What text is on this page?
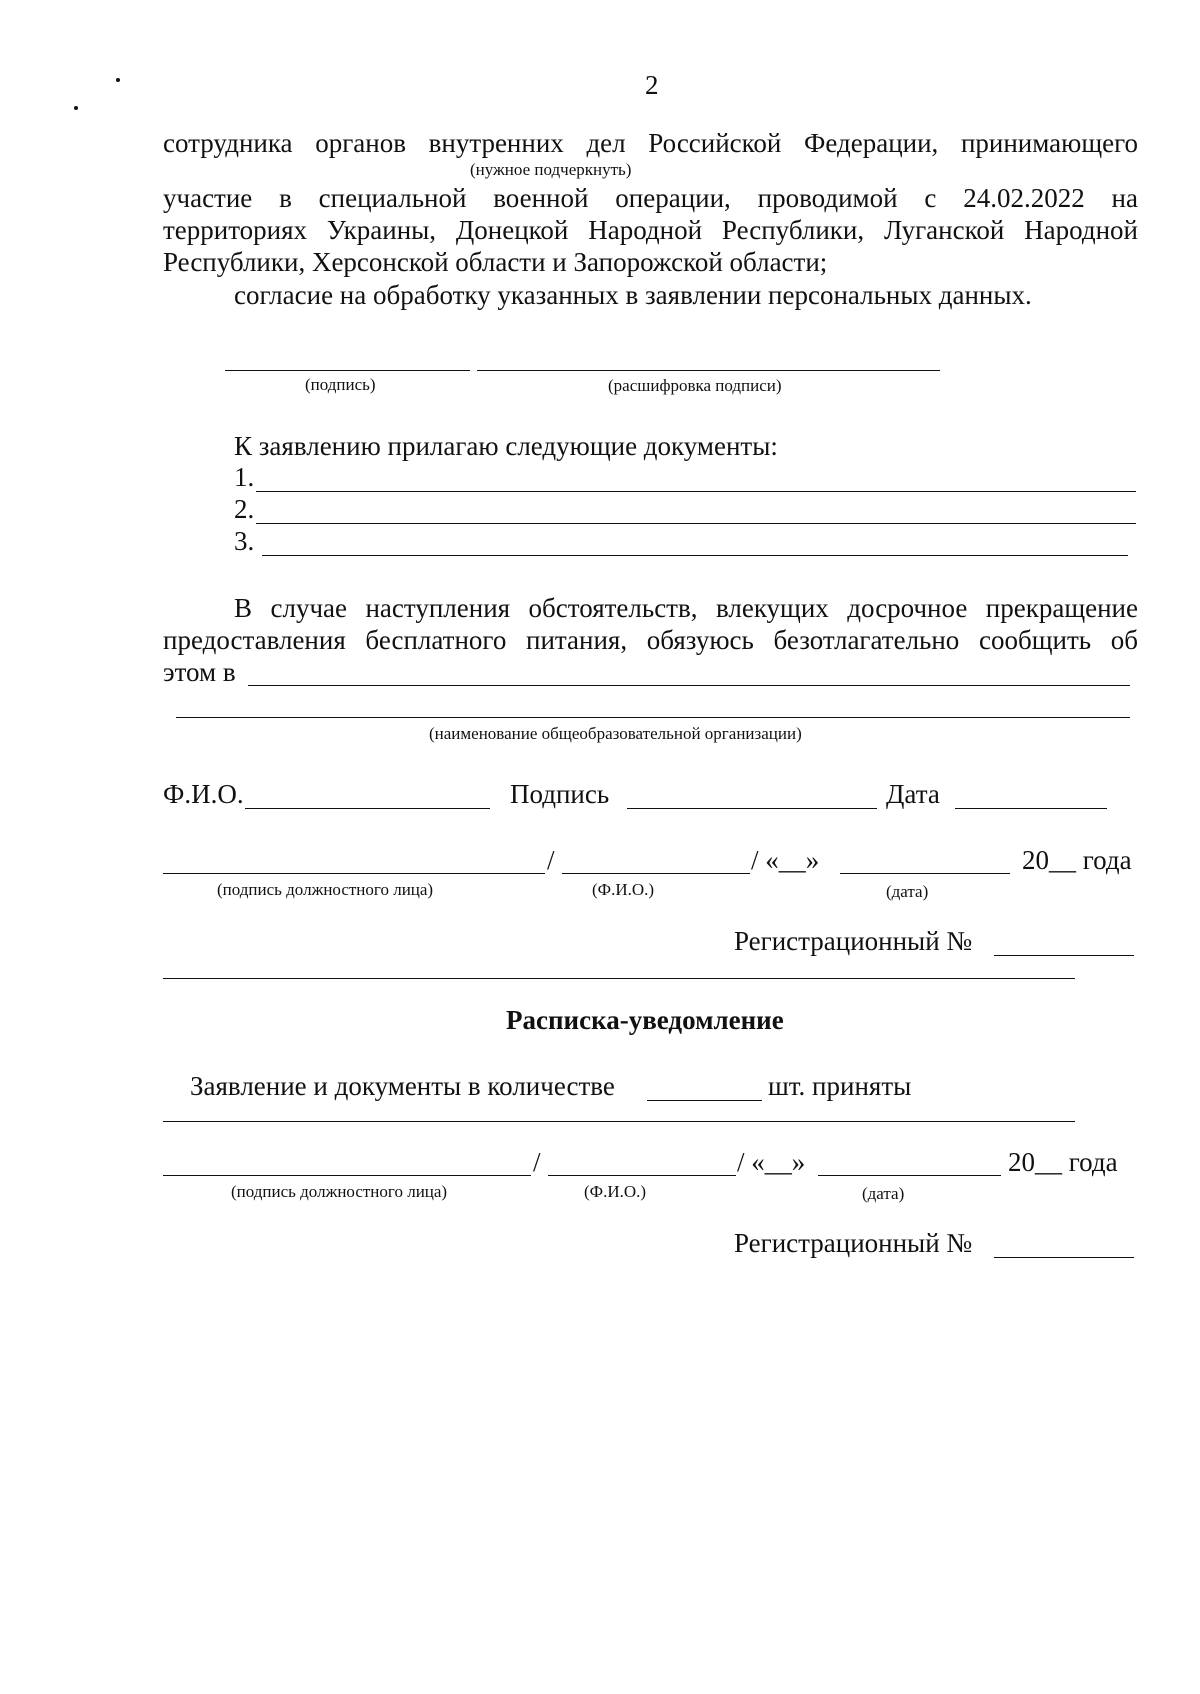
2
сотрудника органов внутренних дел Российской Федерации, принимающего
(нужное подчеркнуть)
участие в специальной военной операции, проводимой с 24.02.2022 на
территориях Украины, Донецкой Народной Республики, Луганской Народной
Республики, Херсонской области и Запорожской области;
согласие на обработку указанных в заявлении персональных данных.
(подпись)	(расшифровка подписи)
К заявлению прилагаю следующие документы:
1.
2.
3.
В случае наступления обстоятельств, влекущих досрочное прекращение
предоставления бесплатного питания, обязуюсь безотлагательно сообщить об
этом в
(наименование общеобразовательной организации)
Ф.И.О.	Подпись	Дата
/	/ «__»	20__ года
(подпись должностного лица)	(Ф.И.О.)	(дата)
Регистрационный №
Расписка-уведомление
Заявление и документы в количестве	шт. приняты
/	/ «__»	20__ года
(подпись должностного лица)	(Ф.И.О.)	(дата)
Регистрационный №
